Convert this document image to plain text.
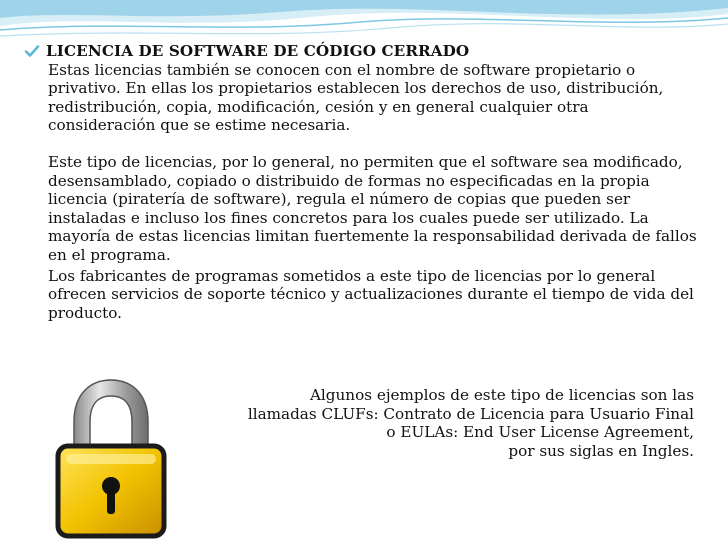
LICENCIA DE SOFTWARE DE CÓDIGO CERRADO

Estas licencias también se conocen con el nombre de software propietario o privativo. En ellas los propietarios establecen los derechos de uso, distribución, redistribución, copia, modificación, cesión y en general cualquier otra consideración que se estime necesaria.

Este tipo de licencias, por lo general, no permiten que el software sea modificado, desensamblado, copiado o distribuido de formas no especificadas en la propia licencia (piratería de software), regula el número de copias que pueden ser instaladas e incluso los fines concretos para los cuales puede ser utilizado. La mayoría de estas licencias limitan fuertemente la responsabilidad derivada de fallos en el programa.

Los fabricantes de programas sometidos a este tipo de licencias por lo general ofrecen servicios de soporte técnico y actualizaciones durante el tiempo de vida del producto.

Algunos ejemplos de este tipo de licencias son las
llamadas CLUFs: Contrato de Licencia para Usuario Final
o EULAs: End User License Agreement,
por sus siglas en Ingles.
